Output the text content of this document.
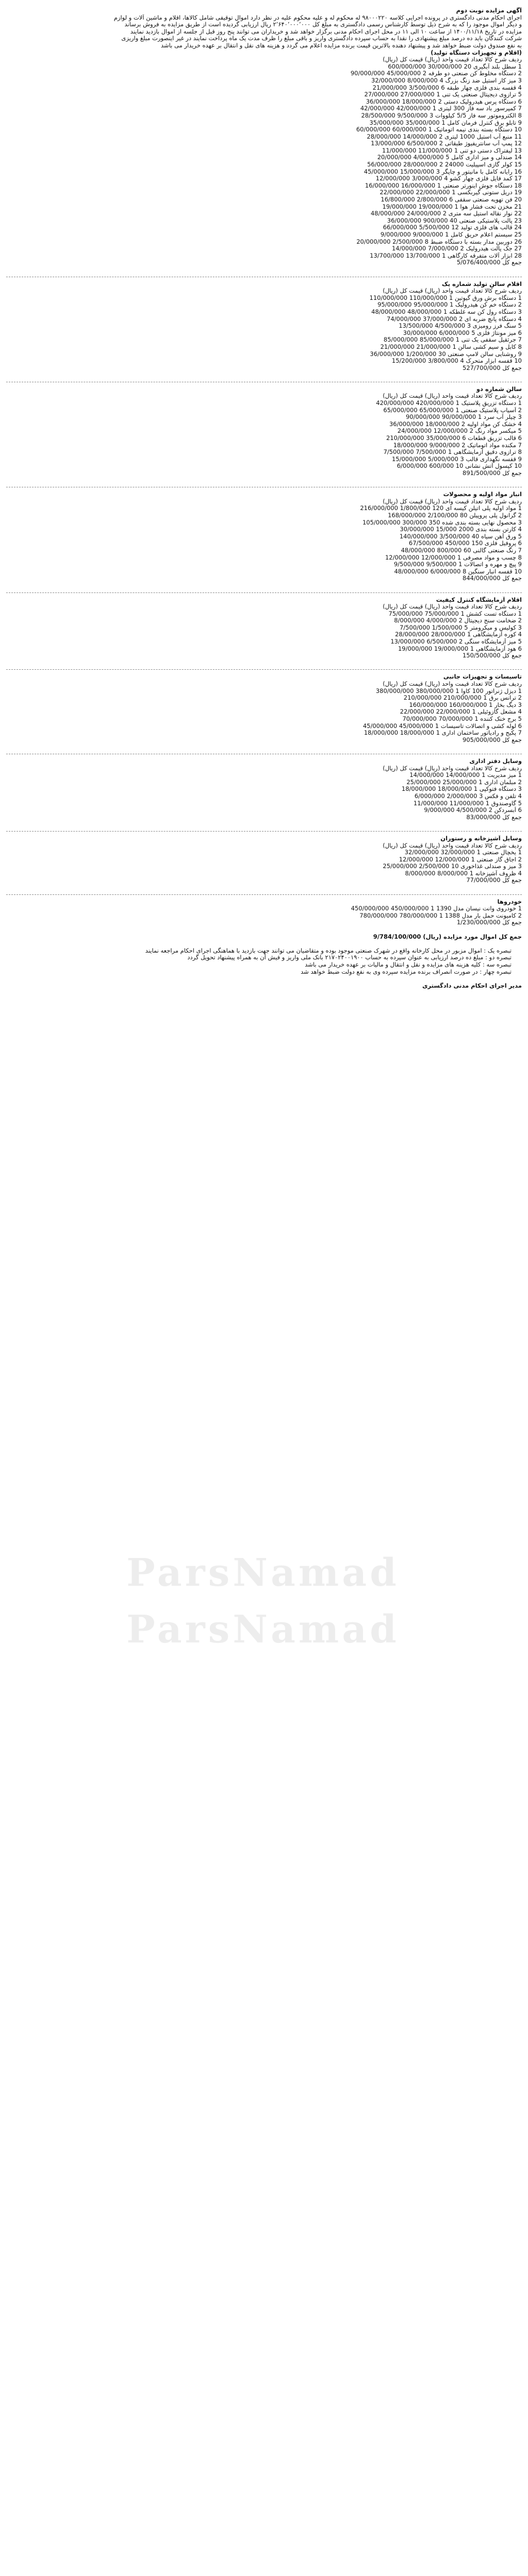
ParsNamad
ParsNamad
آگهی مزایده نوبت دوم
اجرای احکام مدنی دادگستری در پرونده اجرایی کلاسه ۹۸۰۰۰۲۲۰ له محکوم له و علیه محکوم علیه در نظر دارد اموال توقیفی شامل کالاها، اقلام و ماشین آلات و لوازم
و دیگر اموال موجود را که به شرح ذیل توسط کارشناس رسمی دادگستری به مبلغ کل ۲٬۶۴۰٬۰۰۰٬۰۰۰ ریال ارزیابی گردیده است از طریق مزایده به فروش برساند
مزایده در تاریخ ۱۴۰۰/۱۱/۱۸ از ساعت ۱۰ الی ۱۱ در محل اجرای احکام مدنی برگزار خواهد شد و خریداران می توانند پنج روز قبل از جلسه از اموال بازدید نمایند
شرکت کنندگان باید ده درصد مبلغ پیشنهادی را نقدا به حساب سپرده دادگستری واریز و باقی مبلغ را ظرف مدت یک ماه پرداخت نمایند در غیر اینصورت مبلغ واریزی
به نفع صندوق دولت ضبط خواهد شد و پیشنهاد دهنده بالاترین قیمت برنده مزایده اعلام می گردد و هزینه های نقل و انتقال بر عهده خریدار می باشد
(اقلام و تجهیزات دستگاه تولید)
ردیف شرح کالا تعداد قیمت واحد (ریال) قیمت کل (ریال)
1 سطل بلند آبگیری 20 30/000/000 600/000/000
2 دستگاه مخلوط کن صنعتی دو طرفه 2 45/000/000 90/000/000
3 میز کار استیل ضد زنگ بزرگ 4 8/000/000 32/000/000
4 قفسه بندی فلزی چهار طبقه 6 3/500/000 21/000/000
5 ترازوی دیجیتال صنعتی یک تنی 1 27/000/000 27/000/000
6 دستگاه پرس هیدرولیک دستی 2 18/000/000 36/000/000
7 کمپرسور باد سه فاز 300 لیتری 1 42/000/000 42/000/000
8 الکتروموتور سه فاز 5/5 کیلووات 3 9/500/000 28/500/000
9 تابلو برق کنترل فرمان کامل 1 35/000/000 35/000/000
10 دستگاه بسته بندی نیمه اتوماتیک 1 60/000/000 60/000/000
11 منبع آب استیل 1000 لیتری 2 14/000/000 28/000/000
12 پمپ آب سانتریفیوژ طبقاتی 2 6/500/000 13/000/000
13 لیفتراک دستی دو تنی 1 11/000/000 11/000/000
14 صندلی و میز اداری کامل 5 4/000/000 20/000/000
15 کولر گازی اسپیلیت 24000 2 28/000/000 56/000/000
16 رایانه کامل با مانیتور و چاپگر 3 15/000/000 45/000/000
17 کمد فایل فلزی چهار کشو 4 3/000/000 12/000/000
18 دستگاه جوش اینورتر صنعتی 1 16/000/000 16/000/000
19 دریل ستونی گیربکسی 1 22/000/000 22/000/000
20 فن تهویه صنعتی سقفی 6 2/800/000 16/800/000
21 مخزن تحت فشار هوا 1 19/000/000 19/000/000
22 نوار نقاله استیل سه متری 2 24/000/000 48/000/000
23 پالت پلاستیکی صنعتی 40 900/000 36/000/000
24 قالب های فلزی تولید 12 5/500/000 66/000/000
25 سیستم اعلام حریق کامل 1 9/000/000 9/000/000
26 دوربین مدار بسته با دستگاه ضبط 8 2/500/000 20/000/000
27 جک پالت هیدرولیک 2 7/000/000 14/000/000
28 ابزار آلات متفرقه کارگاهی 1 13/700/000 13/700/000
جمع کل 5/076/400/000
اقلام سالن تولید شماره یک
ردیف شرح کالا تعداد قیمت واحد (ریال) قیمت کل (ریال)
1 دستگاه برش ورق گیوتین 1 110/000/000 110/000/000
2 دستگاه خم کن هیدرولیک 1 95/000/000 95/000/000
3 دستگاه رول کن سه غلطکه 1 48/000/000 48/000/000
4 دستگاه پانچ ضربه ای 2 37/000/000 74/000/000
5 سنگ فرز رومیزی 3 4/500/000 13/500/000
6 میز مونتاژ فلزی 5 6/000/000 30/000/000
7 جرثقیل سقفی یک تنی 1 85/000/000 85/000/000
8 کابل و سیم کشی سالن 1 21/000/000 21/000/000
9 روشنایی سالن لامپ صنعتی 30 1/200/000 36/000/000
10 قفسه ابزار متحرک 4 3/800/000 15/200/000
جمع کل 527/700/000
سالن شماره دو
ردیف شرح کالا تعداد قیمت واحد (ریال) قیمت کل (ریال)
1 دستگاه تزریق پلاستیک 1 420/000/000 420/000/000
2 آسیاب پلاستیک صنعتی 1 65/000/000 65/000/000
3 چیلر آب سرد 1 90/000/000 90/000/000
4 خشک کن مواد اولیه 2 18/000/000 36/000/000
5 میکسر مواد رنگ 2 12/000/000 24/000/000
6 قالب تزریق قطعات 6 35/000/000 210/000/000
7 مکنده مواد اتوماتیک 2 9/000/000 18/000/000
8 ترازوی دقیق آزمایشگاهی 1 7/500/000 7/500/000
9 قفسه نگهداری قالب 3 5/000/000 15/000/000
10 کپسول آتش نشانی 10 600/000 6/000/000
جمع کل 891/500/000
انبار مواد اولیه و محصولات
ردیف شرح کالا تعداد قیمت واحد (ریال) قیمت کل (ریال)
1 مواد اولیه پلی اتیلن کیسه ای 120 1/800/000 216/000/000
2 گرانول پلی پروپیلن 80 2/100/000 168/000/000
3 محصول نهایی بسته بندی شده 350 300/000 105/000/000
4 کارتن بسته بندی 2000 15/000 30/000/000
5 ورق آهن سیاه 40 3/500/000 140/000/000
6 پروفیل فلزی 150 450/000 67/500/000
7 رنگ صنعتی گالنی 60 800/000 48/000/000
8 چسب و مواد مصرفی 1 12/000/000 12/000/000
9 پیچ و مهره و اتصالات 1 9/500/000 9/500/000
10 قفسه انبار سنگین 8 6/000/000 48/000/000
جمع کل 844/000/000
اقلام آزمایشگاه کنترل کیفیت
ردیف شرح کالا تعداد قیمت واحد (ریال) قیمت کل (ریال)
1 دستگاه تست کشش 1 75/000/000 75/000/000
2 ضخامت سنج دیجیتال 2 4/000/000 8/000/000
3 کولیس و میکرومتر 5 1/500/000 7/500/000
4 کوره آزمایشگاهی 1 28/000/000 28/000/000
5 میز آزمایشگاه سنگی 2 6/500/000 13/000/000
6 هود آزمایشگاهی 1 19/000/000 19/000/000
جمع کل 150/500/000
تاسیسات و تجهیزات جانبی
ردیف شرح کالا تعداد قیمت واحد (ریال) قیمت کل (ریال)
1 دیزل ژنراتور 100 کاوا 1 380/000/000 380/000/000
2 ترانس برق 1 210/000/000 210/000/000
3 دیگ بخار 1 160/000/000 160/000/000
4 مشعل گازوئیلی 1 22/000/000 22/000/000
5 برج خنک کننده 1 70/000/000 70/000/000
6 لوله کشی و اتصالات تاسیسات 1 45/000/000 45/000/000
7 پکیج و رادیاتور ساختمان اداری 1 18/000/000 18/000/000
جمع کل 905/000/000
وسایل دفتر اداری
ردیف شرح کالا تعداد قیمت واحد (ریال) قیمت کل (ریال)
1 میز مدیریت 1 14/000/000 14/000/000
2 مبلمان اداری 1 25/000/000 25/000/000
3 دستگاه فتوکپی 1 18/000/000 18/000/000
4 تلفن و فکس 3 2/000/000 6/000/000
5 گاوصندوق 1 11/000/000 11/000/000
6 آبسردکن 2 4/500/000 9/000/000
جمع کل 83/000/000
وسایل آشپزخانه و رستوران
ردیف شرح کالا تعداد قیمت واحد (ریال) قیمت کل (ریال)
1 یخچال صنعتی 1 32/000/000 32/000/000
2 اجاق گاز صنعتی 1 12/000/000 12/000/000
3 میز و صندلی غذاخوری 10 2/500/000 25/000/000
4 ظروف آشپزخانه 1 8/000/000 8/000/000
جمع کل 77/000/000
خودروها
1 خودروی وانت نیسان مدل 1390 1 450/000/000 450/000/000
2 کامیونت حمل بار مدل 1388 1 780/000/000 780/000/000
جمع کل 1/230/000/000
جمع کل اموال مورد مزایده (ریال) 9/784/100/000
تبصره یک : اموال مزبور در محل کارخانه واقع در شهرک صنعتی موجود بوده و متقاضیان می توانند جهت بازدید با هماهنگی اجرای احکام مراجعه نمایند
تبصره دو : مبلغ ده درصد ارزیابی به عنوان سپرده به حساب ۲۱۷۰۲۴۰۰۱۹۰۰ بانک ملی واریز و فیش آن به همراه پیشنهاد تحویل گردد
تبصره سه : کلیه هزینه های مزایده و نقل و انتقال و مالیات بر عهده خریدار می باشد
تبصره چهار : در صورت انصراف برنده مزایده سپرده وی به نفع دولت ضبط خواهد شد
مدیر اجرای احکام مدنی دادگستری
